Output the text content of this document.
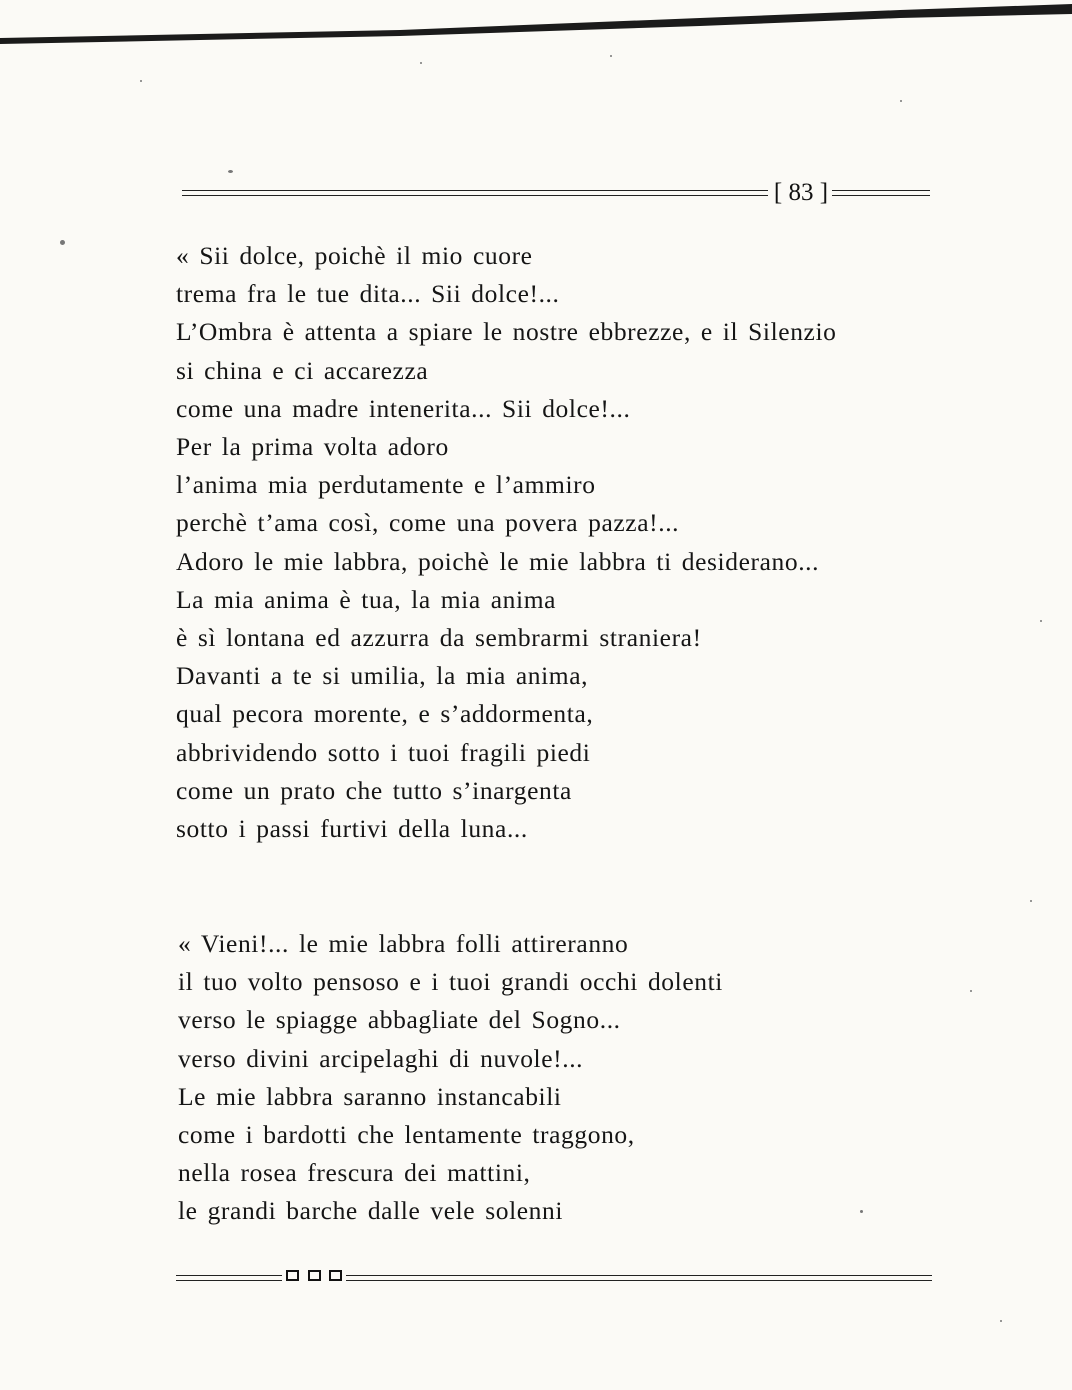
[ 83 ]
« Sii dolce, poichè il mio cuore
trema fra le tue dita... Sii dolce!...
L’Ombra è attenta a spiare le nostre ebbrezze, e il Silenzio
si china e ci accarezza
come una madre intenerita... Sii dolce!...
Per la prima volta adoro
l’anima mia perdutamente e l’ammiro
perchè t’ama così, come una povera pazza!...
Adoro le mie labbra, poichè le mie labbra ti desiderano...
La mia anima è tua, la mia anima
è sì lontana ed azzurra da sembrarmi straniera!
Davanti a te si umilia, la mia anima,
qual pecora morente, e s’addormenta,
abbrividendo sotto i tuoi fragili piedi
come un prato che tutto s’inargenta
sotto i passi furtivi della luna...
« Vieni!... le mie labbra folli attireranno
il tuo volto pensoso e i tuoi grandi occhi dolenti
verso le spiagge abbagliate del Sogno...
verso divini arcipelaghi di nuvole!...
Le mie labbra saranno instancabili
come i bardotti che lentamente traggono,
nella rosea frescura dei mattini,
le grandi barche dalle vele solenni
